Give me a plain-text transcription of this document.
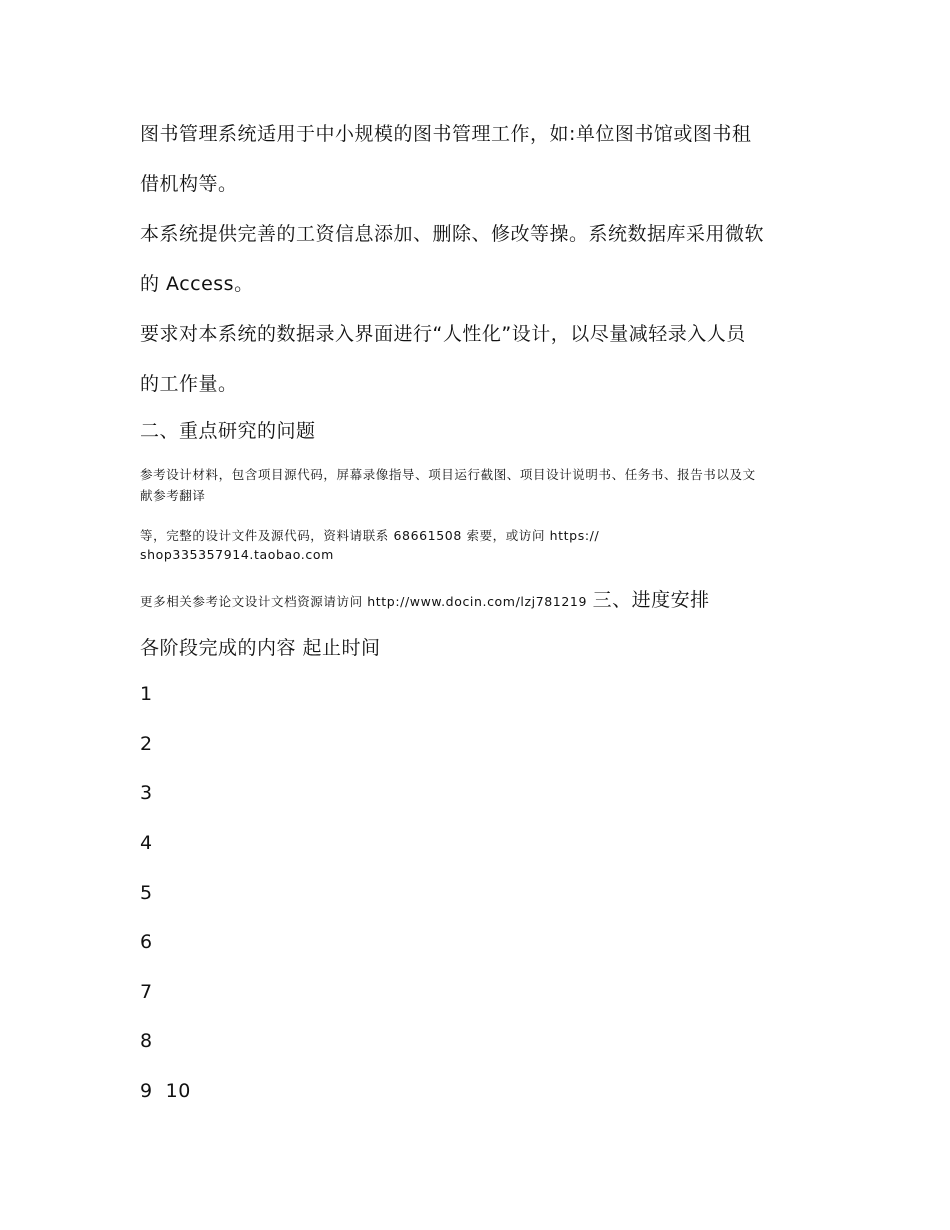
图书管理系统适用于中小规模的图书管理工作，如:单位图书馆或图书租
借机构等。
本系统提供完善的工资信息添加、删除、修改等操。系统数据库采用微软
的 Access。
要求对本系统的数据录入界面进行“人性化”设计，以尽量减轻录入人员
的工作量。
二、重点研究的问题
参考设计材料，包含项目源代码，屏幕录像指导、项目运行截图、项目设计说明书、任务书、报告书以及文
献参考翻译
等，完整的设计文件及源代码，资料请联系 68661508 索要，或访问 https://
shop335357914.taobao.com
更多相关参考论文设计文档资源请访问 http://www.docin.com/lzj781219 三、进度安排
各阶段完成的内容 起止时间
1
2
3
4
5
6
7
8
9  10
